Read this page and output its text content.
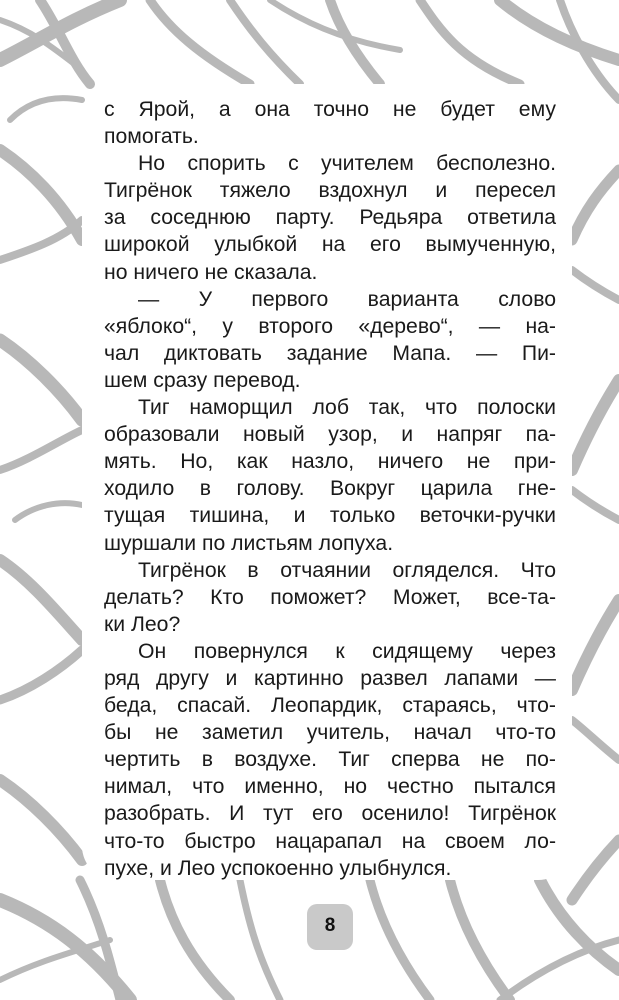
с Ярой, а она точно не будет ему
помогать.
Но спорить с учителем бесполезно.
Тигрёнок тяжело вздохнул и пересел
за соседнюю парту. Редьяра ответила
широкой улыбкой на его вымученную,
но ничего не сказала.
— У первого варианта слово
«яблоко“, у второго «дерево“, — на-
чал диктовать задание Мапа. — Пи-
шем сразу перевод.
Тиг наморщил лоб так, что полоски
образовали новый узор, и напряг па-
мять. Но, как назло, ничего не при-
ходило в голову. Вокруг царила гне-
тущая тишина, и только веточки-ручки
шуршали по листьям лопуха.
Тигрёнок в отчаянии огляделся. Что
делать? Кто поможет? Может, все-та-
ки Лео?
Он повернулся к сидящему через
ряд другу и картинно развел лапами —
беда, спасай. Леопардик, стараясь, что-
бы не заметил учитель, начал что-то
чертить в воздухе. Тиг сперва не по-
нимал, что именно, но честно пытался
разобрать. И тут его осенило! Тигрёнок
что-то быстро нацарапал на своем ло-
пухе, и Лео успокоенно улыбнулся.
8
